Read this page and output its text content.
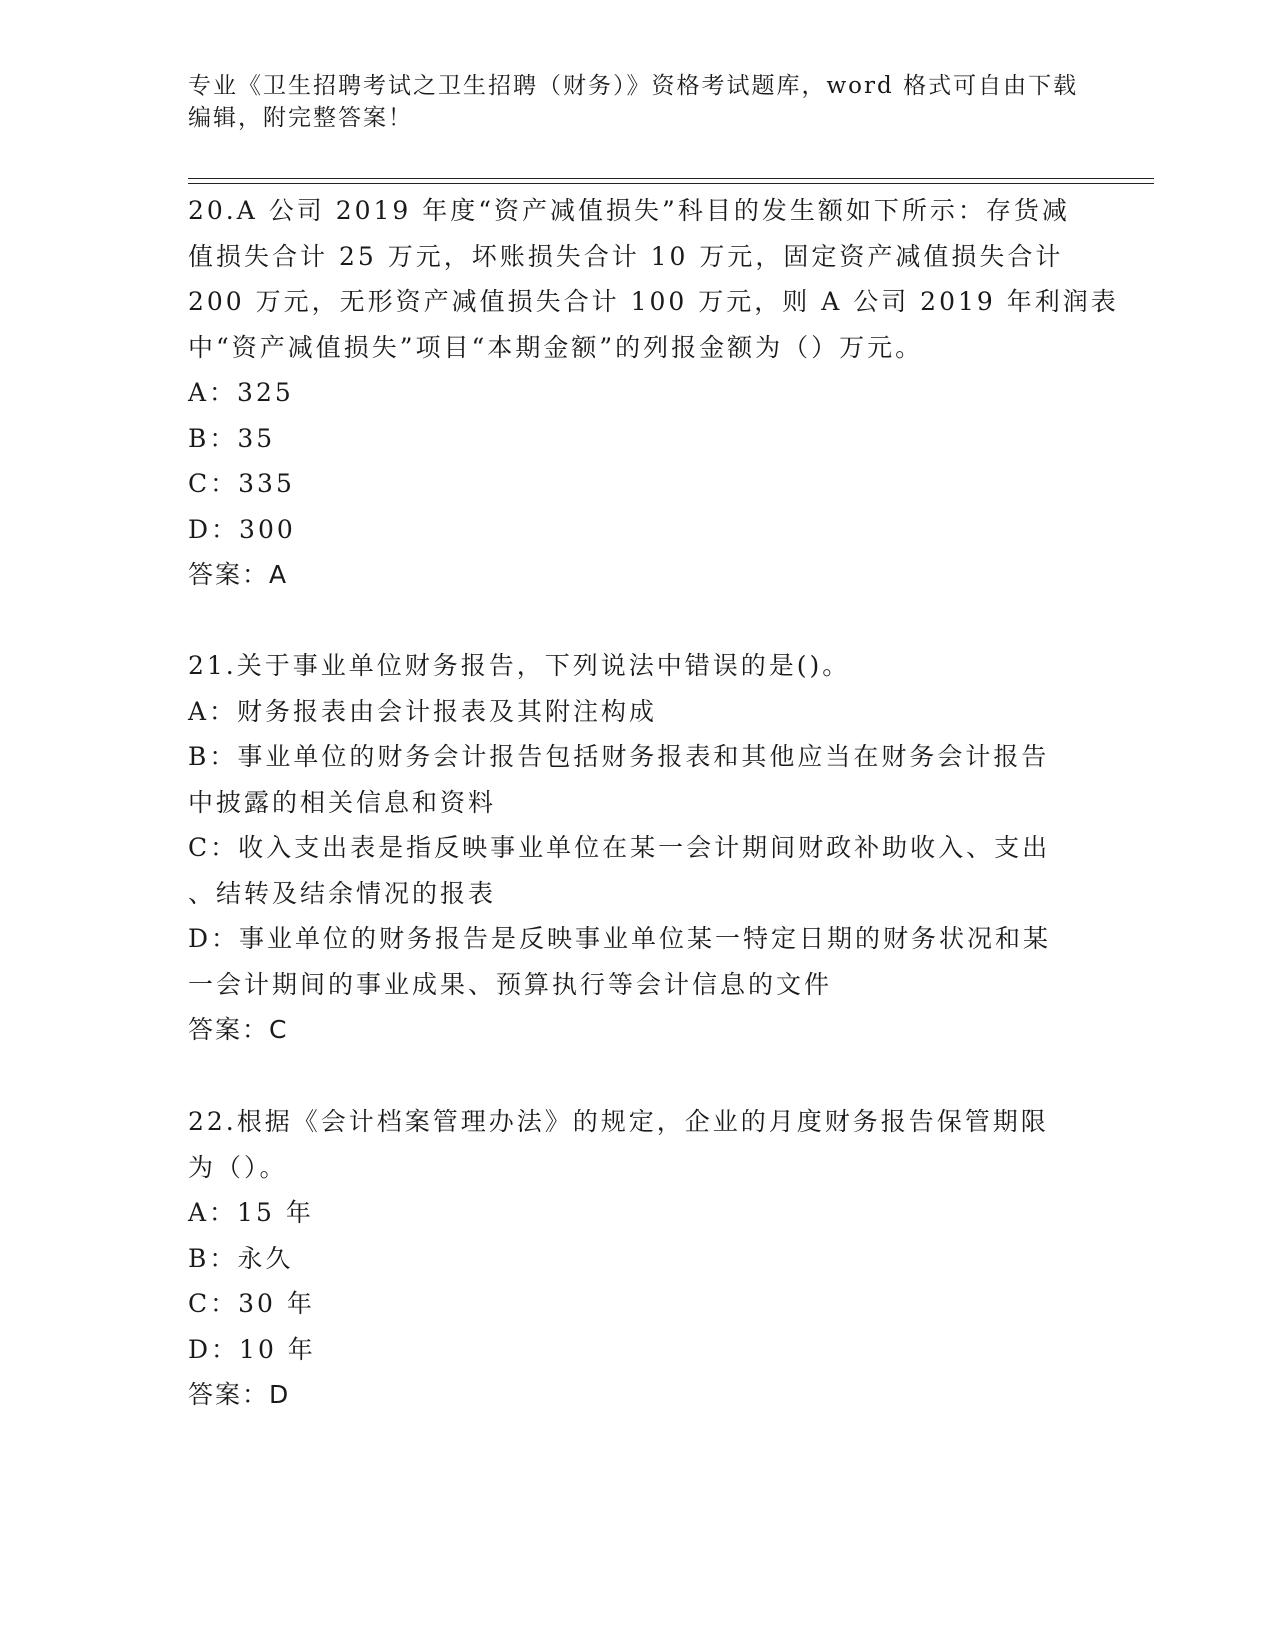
专业《卫生招聘考试之卫生招聘（财务）》资格考试题库，word 格式可自由下载

编辑，附完整答案！

20.A 公司 2019 年度“资产减值损失”科目的发生额如下所示：存货减

值损失合计 25 万元，坏账损失合计 10 万元，固定资产减值损失合计

200 万元，无形资产减值损失合计 100 万元，则 A 公司 2019 年利润表

中“资产减值损失”项目“本期金额”的列报金额为（）万元。

A：325

B：35

C：335

D：300

答案：A

21.关于事业单位财务报告，下列说法中错误的是()。

A：财务报表由会计报表及其附注构成

B：事业单位的财务会计报告包括财务报表和其他应当在财务会计报告

中披露的相关信息和资料

C：收入支出表是指反映事业单位在某一会计期间财政补助收入、支出

、结转及结余情况的报表

D：事业单位的财务报告是反映事业单位某一特定日期的财务状况和某

一会计期间的事业成果、预算执行等会计信息的文件

答案：C

22.根据《会计档案管理办法》的规定，企业的月度财务报告保管期限

为（）。

A：15 年

B：永久

C：30 年

D：10 年

答案：D
